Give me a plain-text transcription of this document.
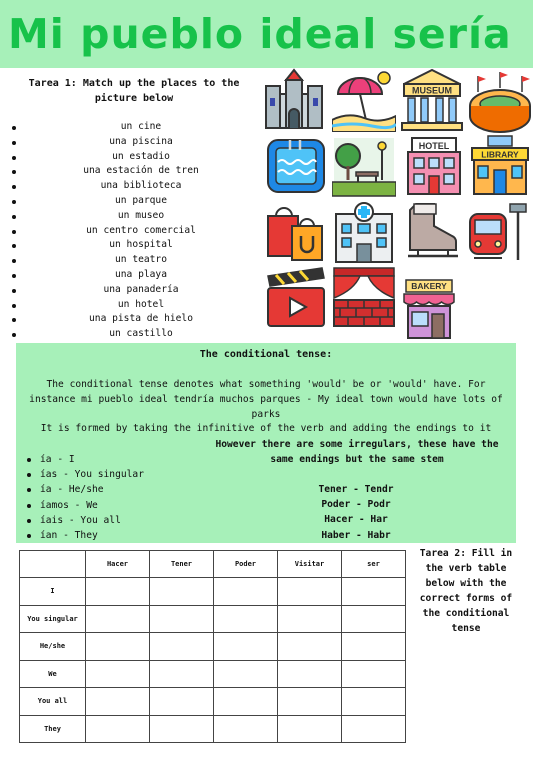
Mi pueblo ideal sería
Tarea 1: Match up the places to the picture below
un cine
una piscina
un estadio
una estación de tren
una biblioteca
un parque
un museo
un centro comercial
un hospital
un teatro
una playa
una panadería
un hotel
una pista de hielo
un castillo
MUSEUM
HOTEL
LIBRARY
BAKERY
The conditional tense:
The conditional tense denotes what something 'would' be or 'would' have. For instance mi pueblo ideal tendría muchos parques - My ideal town would have lots of parks
It is formed by taking the infinitive of the verb and adding the endings to it
However there are some irregulars, these have the same endings but the same stem
ía - I
ías - You singular
ía - He/she
íamos - We
íais - You all
ían - They
Tener - Tendr
Poder - Podr
Hacer - Har
Haber - Habr
	Hacer	Tener	Poder	Visitar	ser
I					
You singular					
He/she					
We					
You all					
They					
Tarea 2: Fill in the verb table below with the correct forms of the conditional tense
